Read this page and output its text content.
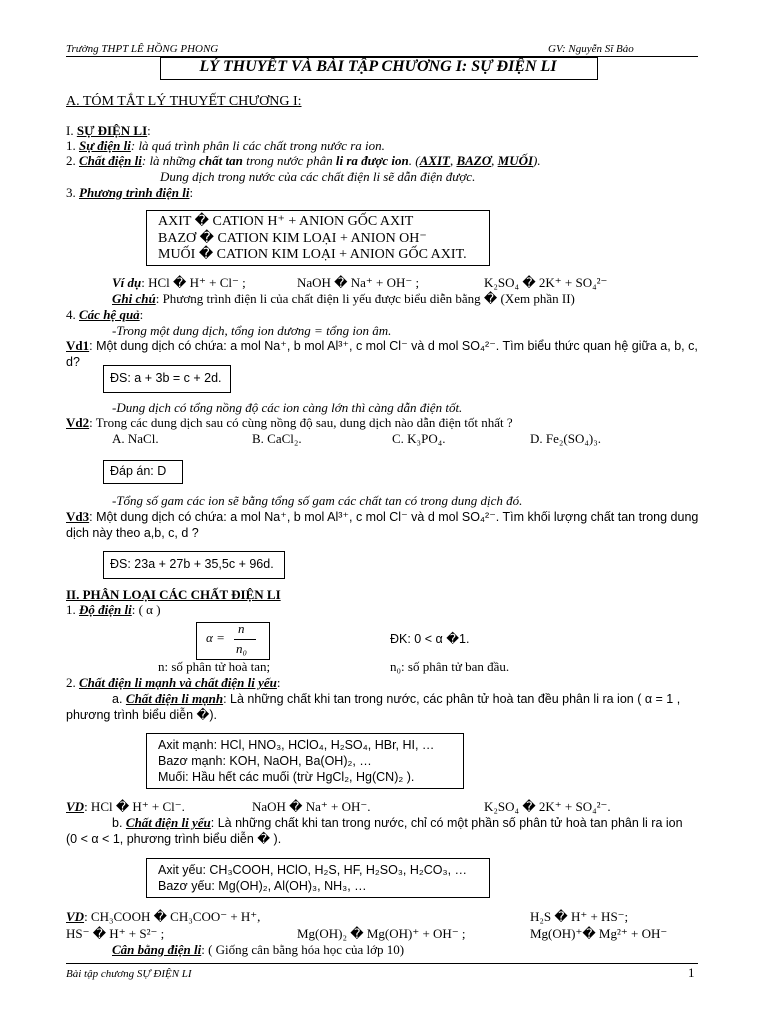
Trường THPT LÊ HỒNG PHONG	GV: Nguyễn Sĩ Bảo
LÝ THUYẾT VÀ BÀI TẬP CHƯƠNG I: SỰ ĐIỆN LI
A. TÓM TẮT LÝ THUYẾT CHƯƠNG I:
I. SỰ ĐIỆN LI:
1. Sự điện li: là quá trình phân li các chất trong nước ra ion.
2. Chất điện li: là những chất tan trong nước phân li ra được ion. (AXIT, BAZƠ, MUỐI).
Dung dịch trong nước của các chất điện li sẽ dẫn điện được.
3. Phương trình điện li:
AXIT � CATION H⁺ + ANION GỐC AXIT
BAZƠ � CATION KIM LOẠI + ANION OH⁻
MUỐI � CATION KIM LOẠI + ANION GỐC AXIT.
Ví dụ: HCl � H⁺ + Cl⁻ ;	NaOH � Na⁺ + OH⁻ ;	K₂SO₄ � 2K⁺ + SO₄²⁻
Ghi chú: Phương trình điện li của chất điện li yếu được biểu diễn bằng � (Xem phần II)
4. Các hệ quả:
-Trong một dung dịch, tổng ion dương = tổng ion âm.
Vd1: Một dung dịch có chứa: a mol Na⁺, b mol Al³⁺, c mol Cl⁻ và d mol SO₄²⁻. Tìm biểu thức quan hệ giữa a, b, c,
d?
ĐS: a + 3b = c + 2d.
-Dung dịch có tổng nồng độ các ion càng lớn thì càng dẫn điện tốt.
Vd2: Trong các dung dịch sau có cùng nồng độ sau, dung dịch nào dẫn điện tốt nhất ?
A. NaCl.	B. CaCl₂.	C. K₃PO₄.	D. Fe₂(SO₄)₃.
Đáp án: D
-Tổng số gam các ion sẽ bằng tổng số gam các chất tan có trong dung dịch đó.
Vd3: Một dung dịch có chứa: a mol Na⁺, b mol Al³⁺, c mol Cl⁻ và d mol SO₄²⁻. Tìm khối lượng chất tan trong dung
dịch này theo a,b, c, d ?
ĐS: 23a + 27b + 35,5c + 96d.
II. PHÂN LOẠI CÁC CHẤT ĐIỆN LI
1. Độ điện li: ( α )
α =
n
n₀
ĐK: 0 < α �1.
n: số phân tử hoà tan;	n₀: số phân tử ban đầu.
2. Chất điện li mạnh và chất điện li yếu:
a. Chất điện li mạnh: Là những chất khi tan trong nước, các phân tử hoà tan đều phân li ra ion ( α = 1 ,
phương trình biểu diễn �).
Axit mạnh: HCl, HNO₃, HClO₄, H₂SO₄, HBr, HI, …
Bazơ mạnh: KOH, NaOH, Ba(OH)₂, …
Muối: Hầu hết các muối (trừ HgCl₂, Hg(CN)₂ ).
VD: HCl � H⁺ + Cl⁻.	NaOH � Na⁺ + OH⁻.	K₂SO₄ � 2K⁺ + SO₄²⁻.
b. Chất điện li yếu: Là những chất khi tan trong nước, chỉ có một phần số phân tử hoà tan phân li ra ion
(0 < α < 1, phương trình biểu diễn � ).
Axit yếu: CH₃COOH, HClO, H₂S, HF, H₂SO₃, H₂CO₃, …
Bazơ yếu: Mg(OH)₂, Al(OH)₃, NH₃, …
VD: CH₃COOH � CH₃COO⁻ + H⁺,	H₂S � H⁺ + HS⁻;
HS⁻ � H⁺ + S²⁻ ;	Mg(OH)₂ � Mg(OH)⁺ + OH⁻ ;	Mg(OH)⁺� Mg²⁺ + OH⁻
Cân bằng điện li: ( Giống cân bằng hóa học của lớp 10)
Bài tập chương SỰ ĐIỆN LI	1
